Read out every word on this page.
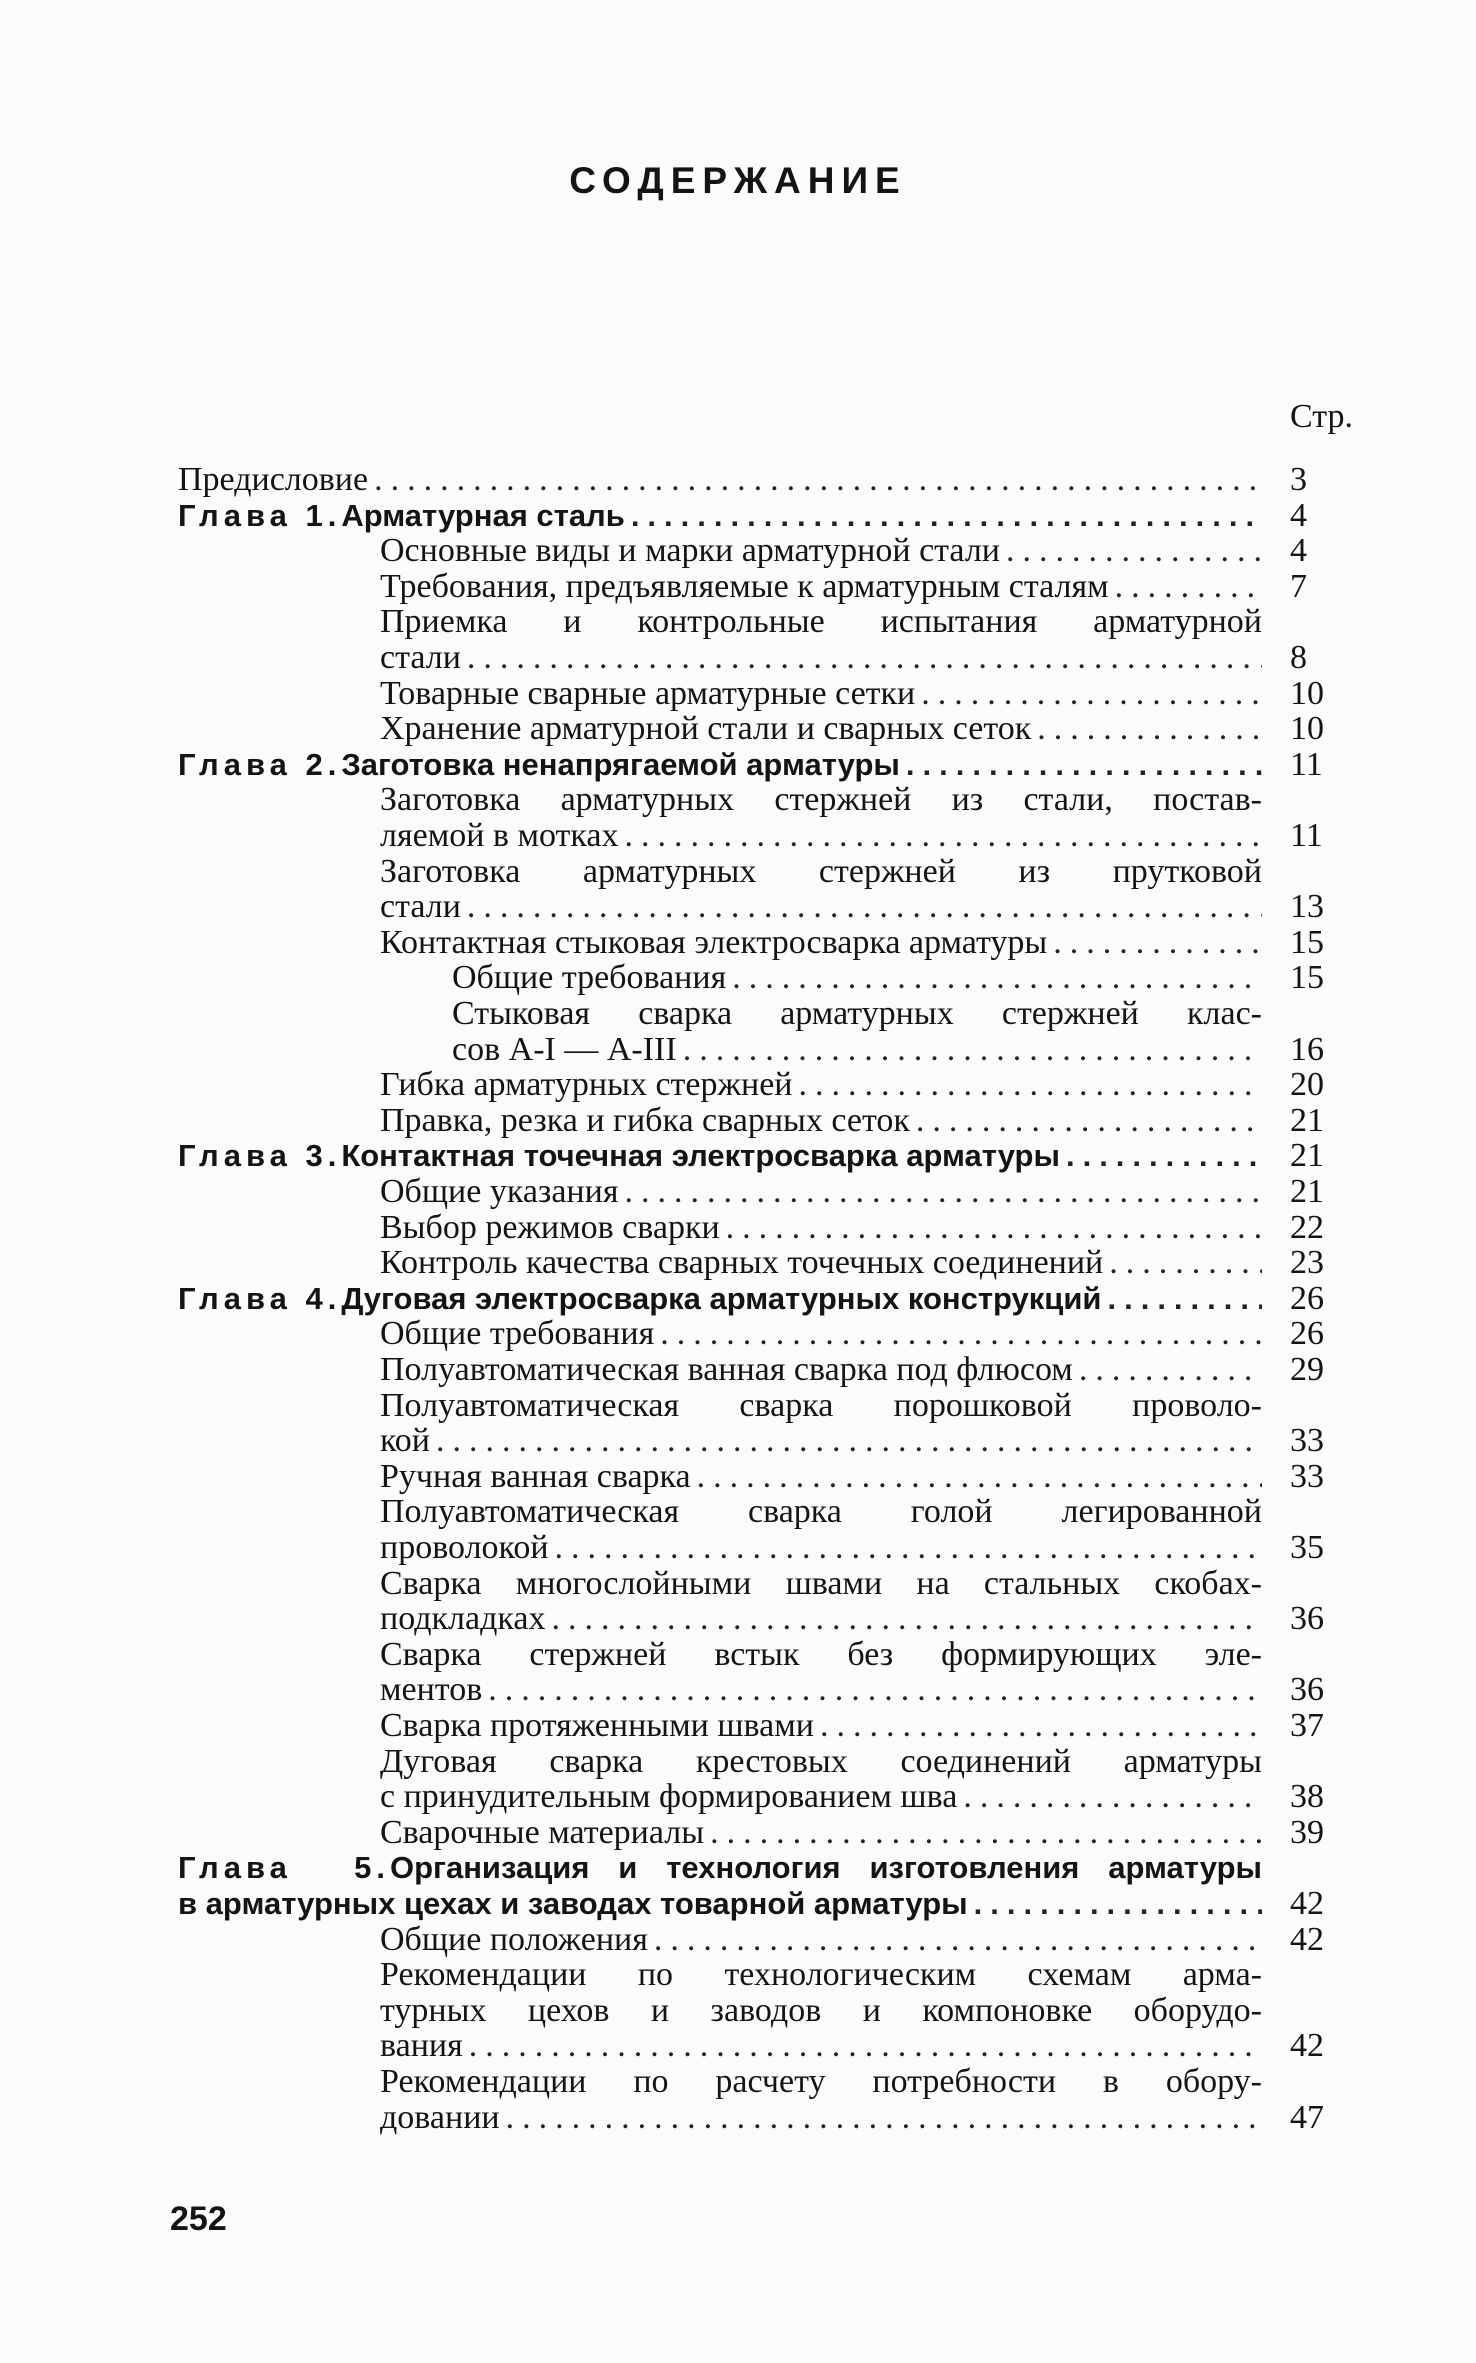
СОДЕРЖАНИЕ
Стр.
Предисловие .....	3
Глава 1. Арматурная сталь .....	4
Основные виды и марки арматурной стали .....	4
Требования, предъявляемые к арматурным сталям .....	7
Приемка и контрольные испытания арматурной
стали .....	8
Товарные сварные арматурные сетки .....	10
Хранение арматурной стали и сварных сеток .....	10
Глава 2. Заготовка ненапрягаемой арматуры .....	11
Заготовка арматурных стержней из стали, постав-
ляемой в мотках .....	11
Заготовка арматурных стержней из прутковой
стали .....	13
Контактная стыковая электросварка арматуры .....	15
Общие требования .....	15
Стыковая сварка арматурных стержней клас-
сов А-I — А-III .....	16
Гибка арматурных стержней .....	20
Правка, резка и гибка сварных сеток .....	21
Глава 3. Контактная точечная электросварка арматуры .....	21
Общие указания .....	21
Выбор режимов сварки .....	22
Контроль качества сварных точечных соединений .....	23
Глава 4. Дуговая электросварка арматурных конструкций .....	26
Общие требования .....	26
Полуавтоматическая ванная сварка под флюсом .....	29
Полуавтоматическая сварка порошковой проволо-
кой .....	33
Ручная ванная сварка .....	33
Полуавтоматическая сварка голой легированной
проволокой .....	35
Сварка многослойными швами на стальных скобах-
подкладках .....	36
Сварка стержней встык без формирующих эле-
ментов .....	36
Сварка протяженными швами .....	37
Дуговая сварка крестовых соединений арматуры
с принудительным формированием шва .....	38
Сварочные материалы .....	39
Глава 5.Организация и технология изготовления арматуры
в арматурных цехах и заводах товарной арматуры .....	42
Общие положения .....	42
Рекомендации по технологическим схемам арма-
турных цехов и заводов и компоновке оборудо-
вания .....	42
Рекомендации по расчету потребности в обору-
довании .....	47
252
